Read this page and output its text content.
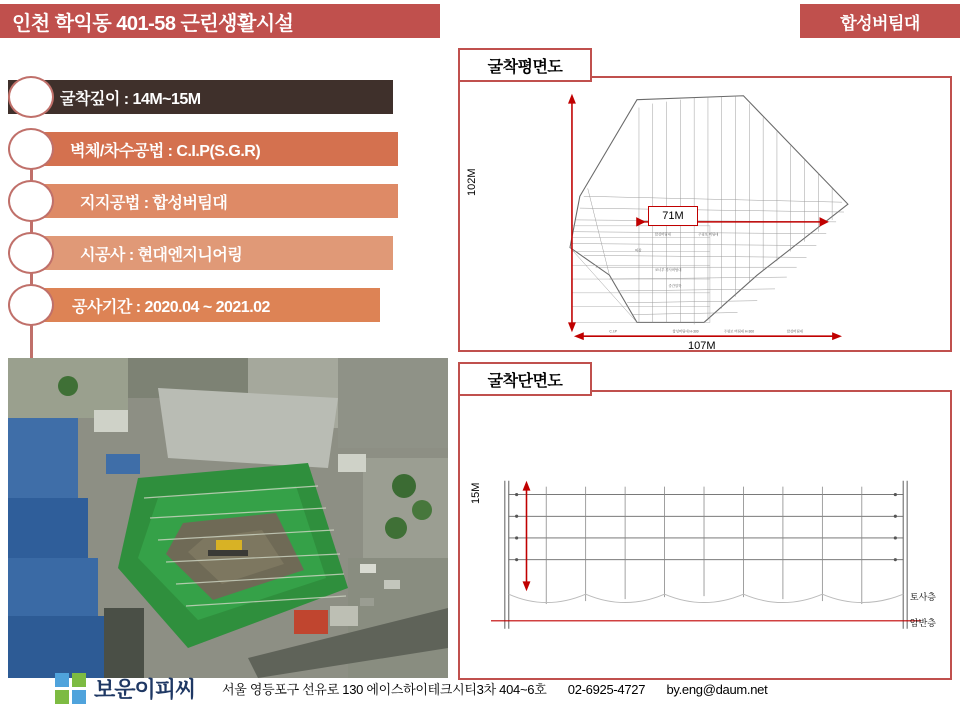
인천 학익동 401-58 근린생활시설	합성버팀대
굴착깊이 : 14M~15M
벽체/차수공법 : C.I.P(S.G.R)
지지공법 : 합성버팀대
시공사 : 현대엔지니어링
공사기간 : 2020.04 ~ 2021.02
굴착평면도
합성버팀대	주형보 버팀대
띠장
코너부 경사버팀대
중간말뚝
C.I.P	합성버팀대 H-300	주형보 버팀대 H-300	합성버팀대
102M
107M
71M
굴착단면도
15M
토사층
암반층
보운이피씨 서울 영등포구 선유로 130 에이스하이테크시티3차 404~6호 02-6925-4727 by.eng@daum.net
